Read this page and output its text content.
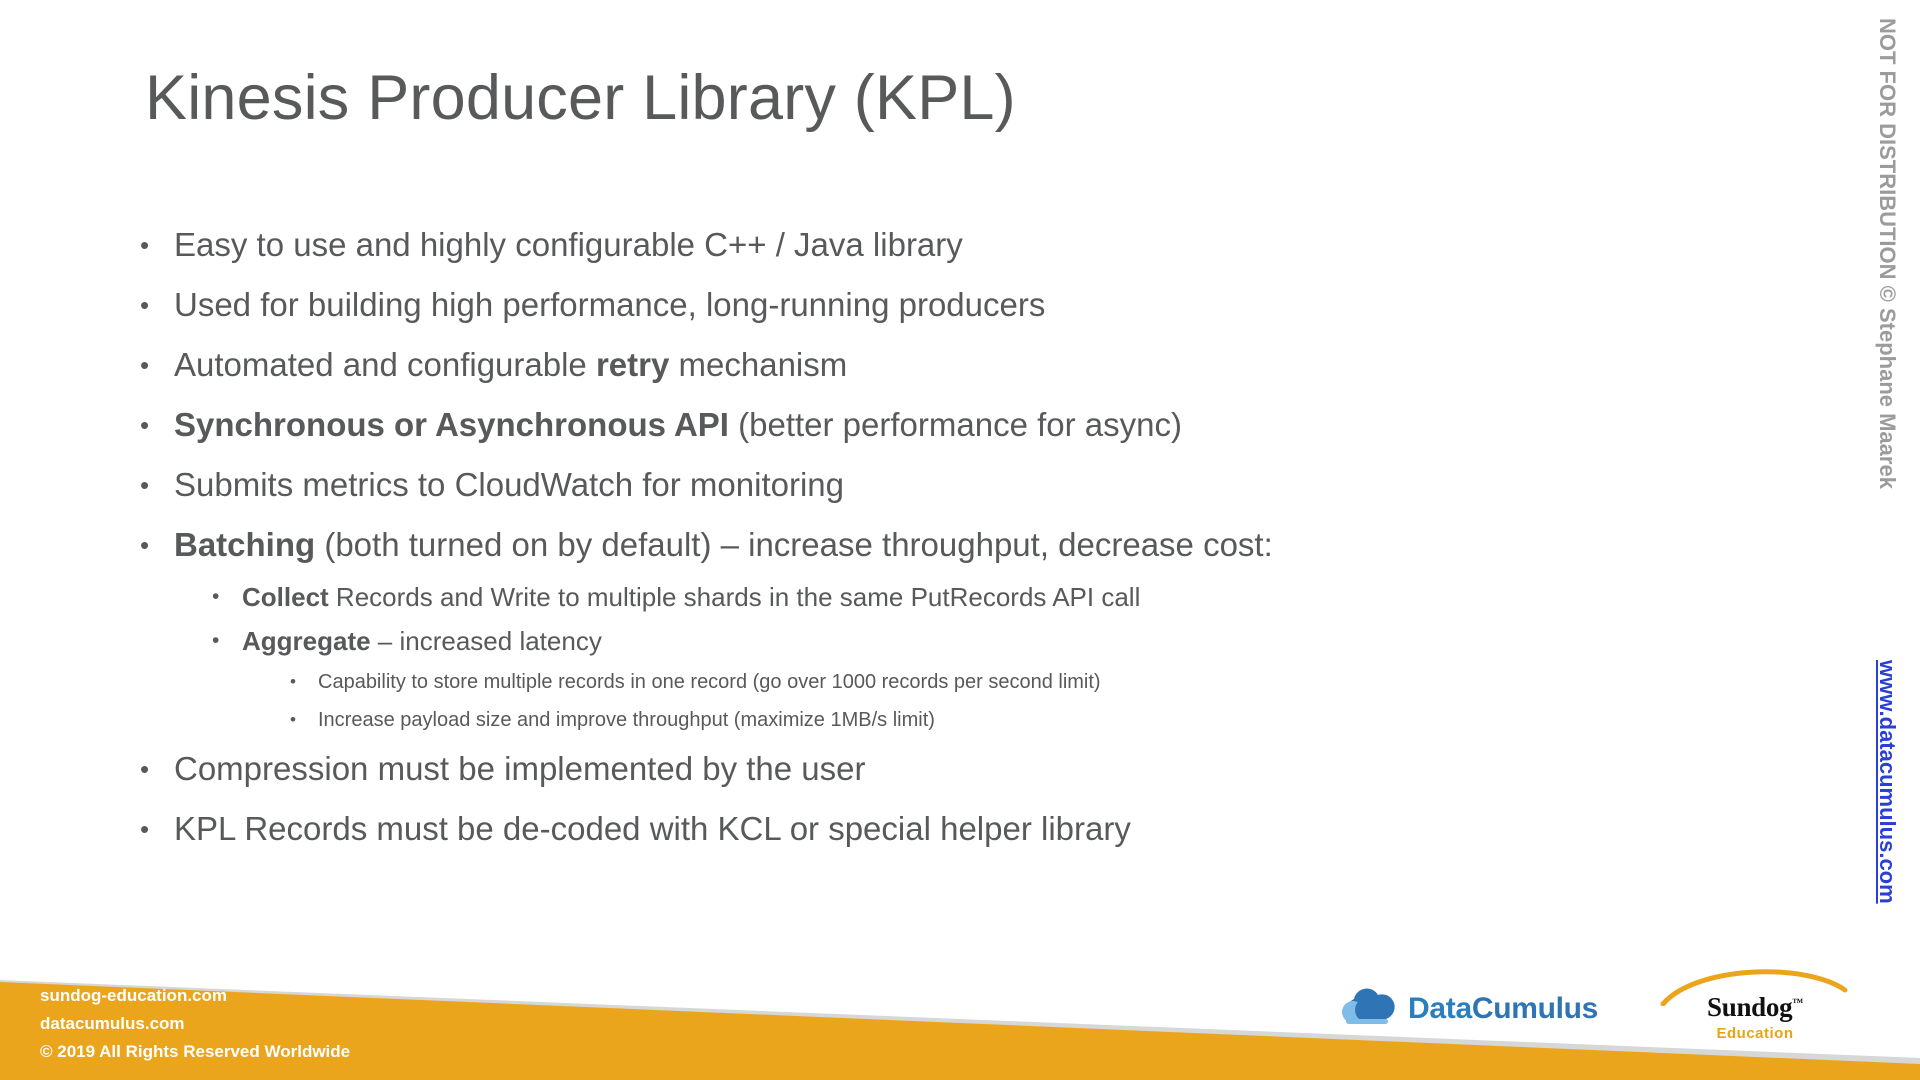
Kinesis Producer Library (KPL)
• Easy to use and highly configurable C++ / Java library
• Used for building high performance, long-running producers
• Automated and configurable retry mechanism
• Synchronous or Asynchronous API (better performance for async)
• Submits metrics to CloudWatch for monitoring
• Batching (both turned on by default) – increase throughput, decrease cost:
• Collect Records and Write to multiple shards in the same PutRecords API call
• Aggregate – increased latency
•	Capability to store multiple records in one record (go over 1000 records per second limit)
•	Increase payload size and improve throughput (maximize 1MB/s limit)
• Compression must be implemented by the user
• KPL Records must be de-coded with KCL or special helper library
sundog-education.com
datacumulus.com
© 2019 All Rights Reserved Worldwide
DataCumulus	Sundog™
Education
NOT FOR DISTRIBUTION © Stephane Maarek
www.datacumulus.com
